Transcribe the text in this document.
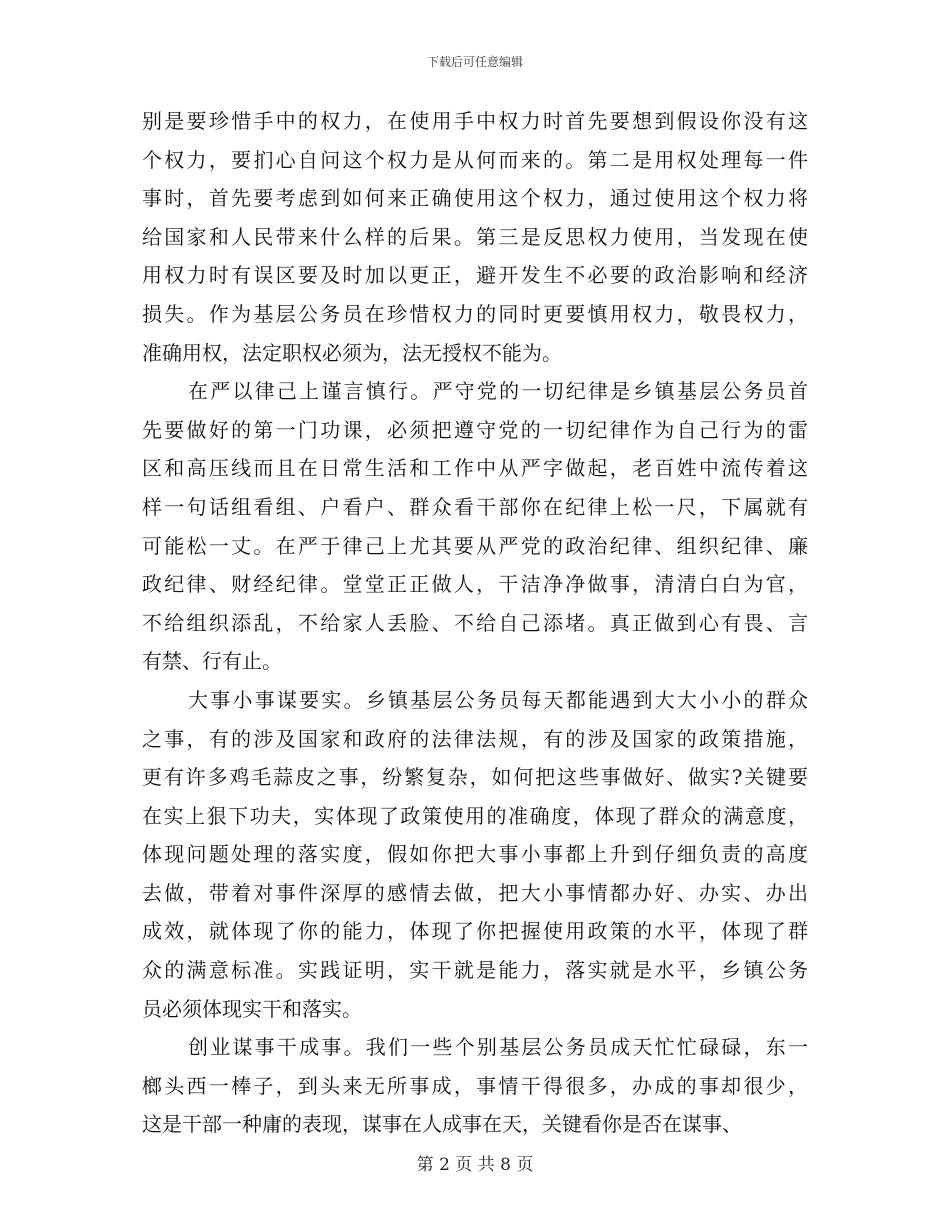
下载后可任意编辑
别是要珍惜手中的权力，在使用手中权力时首先要想到假设你没有这
个权力，要扪心自问这个权力是从何而来的。第二是用权处理每一件
事时，首先要考虑到如何来正确使用这个权力，通过使用这个权力将
给国家和人民带来什么样的后果。第三是反思权力使用，当发现在使
用权力时有误区要及时加以更正，避开发生不必要的政治影响和经济
损失。作为基层公务员在珍惜权力的同时更要慎用权力，敬畏权力，
准确用权，法定职权必须为，法无授权不能为。
在严以律己上谨言慎行。严守党的一切纪律是乡镇基层公务员首
先要做好的第一门功课，必须把遵守党的一切纪律作为自己行为的雷
区和高压线而且在日常生活和工作中从严字做起，老百姓中流传着这
样一句话组看组、户看户、群众看干部你在纪律上松一尺，下属就有
可能松一丈。在严于律己上尤其要从严党的政治纪律、组织纪律、廉
政纪律、财经纪律。堂堂正正做人，干洁净净做事，清清白白为官，
不给组织添乱，不给家人丢脸、不给自己添堵。真正做到心有畏、言
有禁、行有止。
大事小事谋要实。乡镇基层公务员每天都能遇到大大小小的群众
之事，有的涉及国家和政府的法律法规，有的涉及国家的政策措施，
更有许多鸡毛蒜皮之事，纷繁复杂，如何把这些事做好、做实?关键要
在实上狠下功夫，实体现了政策使用的准确度，体现了群众的满意度，
体现问题处理的落实度，假如你把大事小事都上升到仔细负责的高度
去做，带着对事件深厚的感情去做，把大小事情都办好、办实、办出
成效，就体现了你的能力，体现了你把握使用政策的水平，体现了群
众的满意标准。实践证明，实干就是能力，落实就是水平，乡镇公务
员必须体现实干和落实。
创业谋事干成事。我们一些个别基层公务员成天忙忙碌碌，东一
榔头西一棒子，到头来无所事成，事情干得很多，办成的事却很少，
这是干部一种庸的表现，谋事在人成事在天，关键看你是否在谋事、
第 2 页 共 8 页
